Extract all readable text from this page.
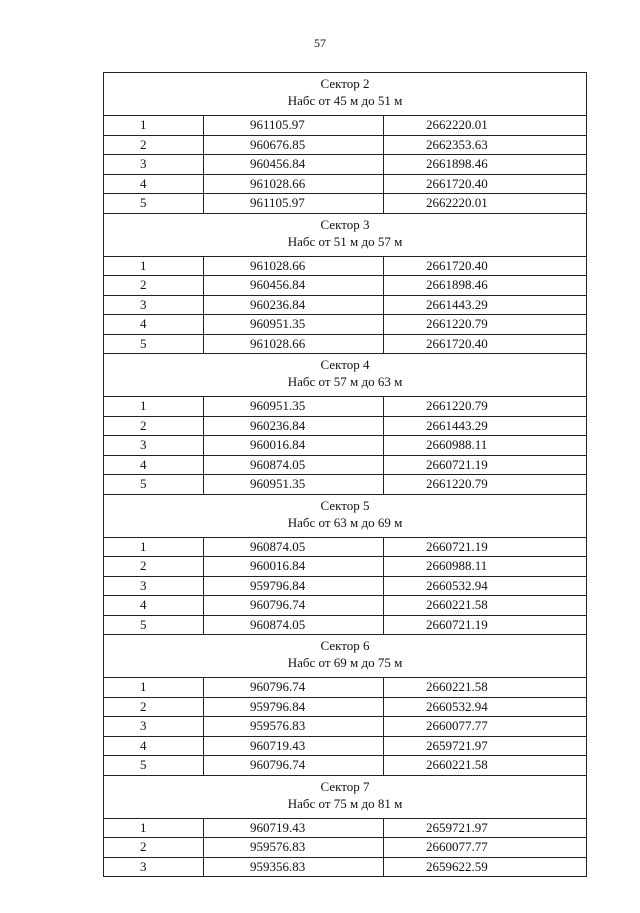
57
Сектор 2
Набс от 45 м до 51 м		

1	961105.97	2662220.01
2	960676.85	2662353.63
3	960456.84	2661898.46
4	961028.66	2661720.40
5	961105.97	2662220.01

Сектор 3
Набс от 51 м до 57 м		

1	961028.66	2661720.40
2	960456.84	2661898.46
3	960236.84	2661443.29
4	960951.35	2661220.79
5	961028.66	2661720.40

Сектор 4
Набс от 57 м до 63 м		

1	960951.35	2661220.79
2	960236.84	2661443.29
3	960016.84	2660988.11
4	960874.05	2660721.19
5	960951.35	2661220.79

Сектор 5
Набс от 63 м до 69 м		

1	960874.05	2660721.19
2	960016.84	2660988.11
3	959796.84	2660532.94
4	960796.74	2660221.58
5	960874.05	2660721.19

Сектор 6
Набс от 69 м до 75 м		

1	960796.74	2660221.58
2	959796.84	2660532.94
3	959576.83	2660077.77
4	960719.43	2659721.97
5	960796.74	2660221.58

Сектор 7
Набс от 75 м до 81 м		

1	960719.43	2659721.97
2	959576.83	2660077.77
3	959356.83	2659622.59
